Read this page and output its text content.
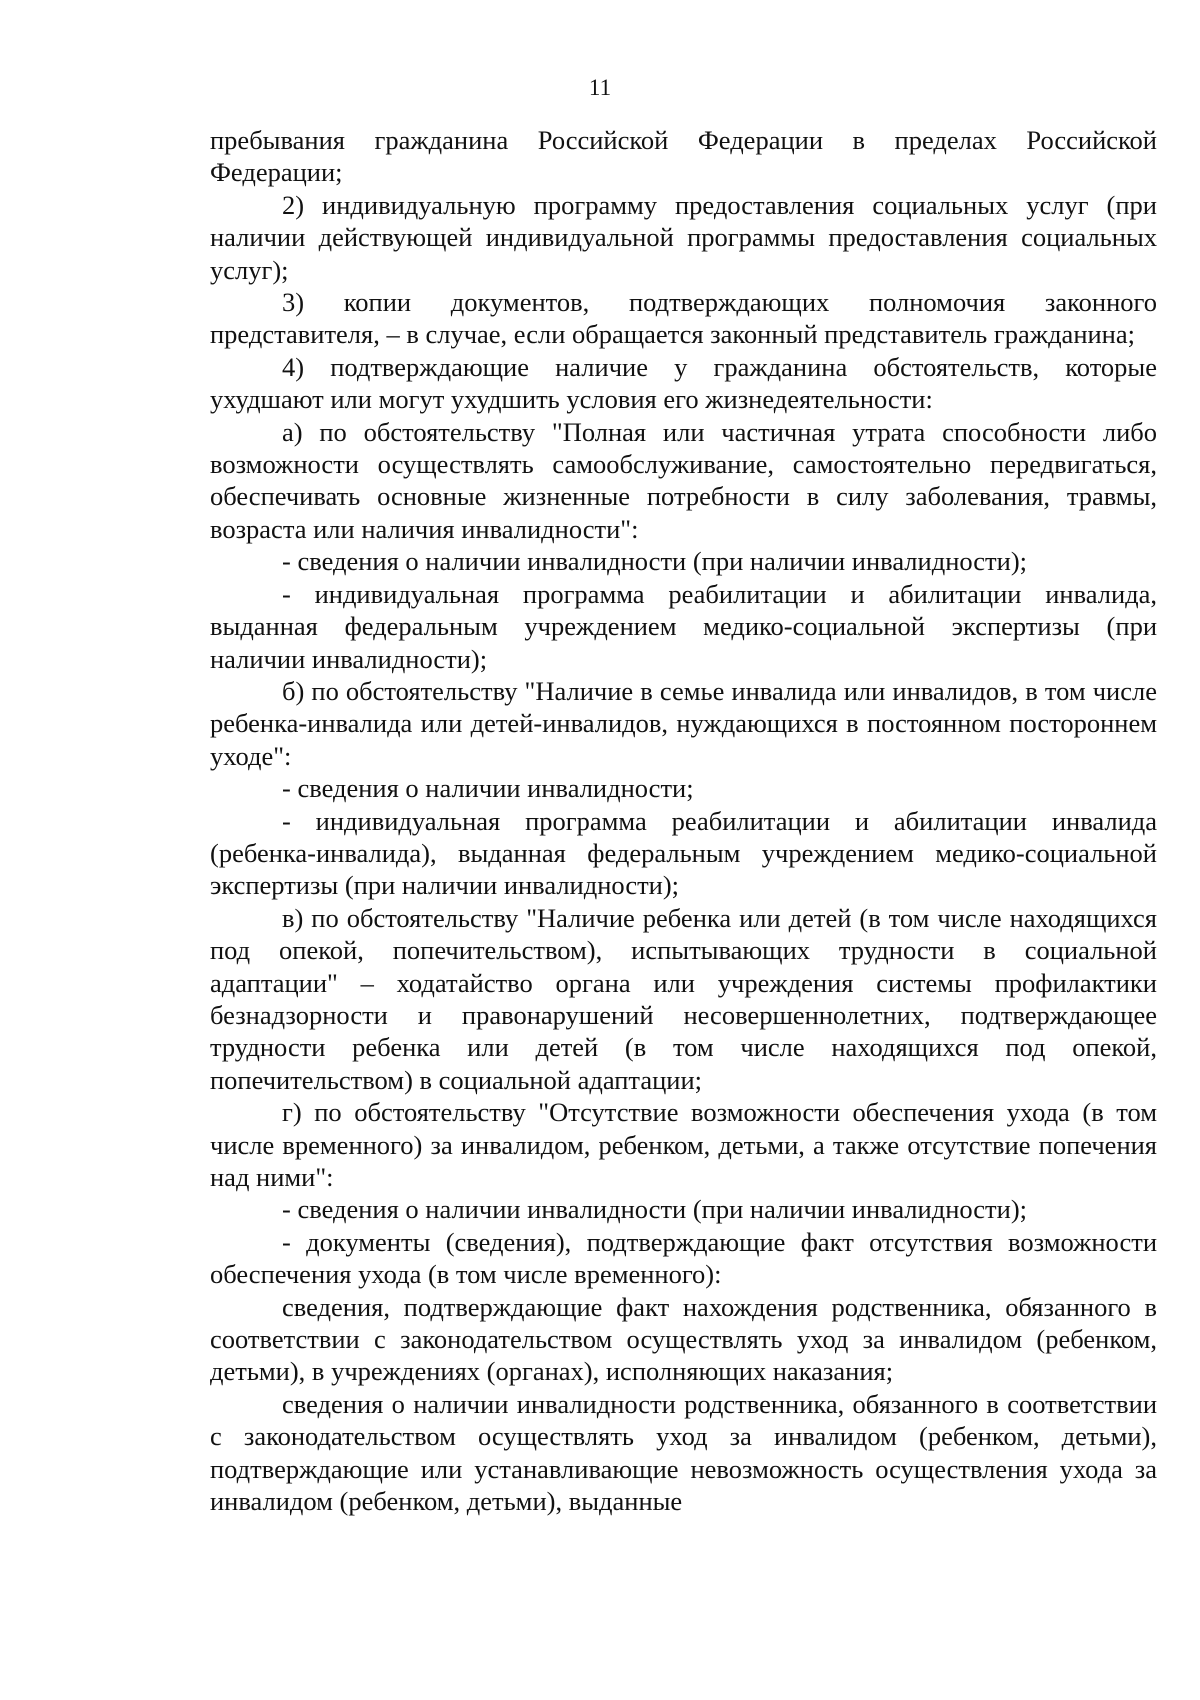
11

пребывания гражданина Российской Федерации в пределах Российской Федерации;

2) индивидуальную программу предоставления социальных услуг (при наличии действующей индивидуальной программы предоставления социальных услуг);

3) копии документов, подтверждающих полномочия законного представителя, – в случае, если обращается законный представитель гражданина;

4) подтверждающие наличие у гражданина обстоятельств, которые ухудшают или могут ухудшить условия его жизнедеятельности:

а) по обстоятельству "Полная или частичная утрата способности либо возможности осуществлять самообслуживание, самостоятельно передвигаться, обеспечивать основные жизненные потребности в силу заболевания, травмы, возраста или наличия инвалидности":

- сведения о наличии инвалидности (при наличии инвалидности);

- индивидуальная программа реабилитации и абилитации инвалида, выданная федеральным учреждением медико-социальной экспертизы (при наличии инвалидности);

б) по обстоятельству "Наличие в семье инвалида или инвалидов, в том числе ребенка-инвалида или детей-инвалидов, нуждающихся в постоянном постороннем уходе":

- сведения о наличии инвалидности;

- индивидуальная программа реабилитации и абилитации инвалида (ребенка-инвалида), выданная федеральным учреждением медико-социальной экспертизы (при наличии инвалидности);

в) по обстоятельству "Наличие ребенка или детей (в том числе находящихся под опекой, попечительством), испытывающих трудности в социальной адаптации" – ходатайство органа или учреждения системы профилактики безнадзорности и правонарушений несовершеннолетних, подтверждающее трудности ребенка или детей (в том числе находящихся под опекой, попечительством) в социальной адаптации;

г) по обстоятельству "Отсутствие возможности обеспечения ухода (в том числе временного) за инвалидом, ребенком, детьми, а также отсутствие попечения над ними":

- сведения о наличии инвалидности (при наличии инвалидности);

- документы (сведения), подтверждающие факт отсутствия возможности обеспечения ухода (в том числе временного):

сведения, подтверждающие факт нахождения родственника, обязанного в соответствии с законодательством осуществлять уход за инвалидом (ребенком, детьми), в учреждениях (органах), исполняющих наказания;

сведения о наличии инвалидности родственника, обязанного в соответствии с законодательством осуществлять уход за инвалидом (ребенком, детьми), подтверждающие или устанавливающие невозможность осуществления ухода за инвалидом (ребенком, детьми), выданные
